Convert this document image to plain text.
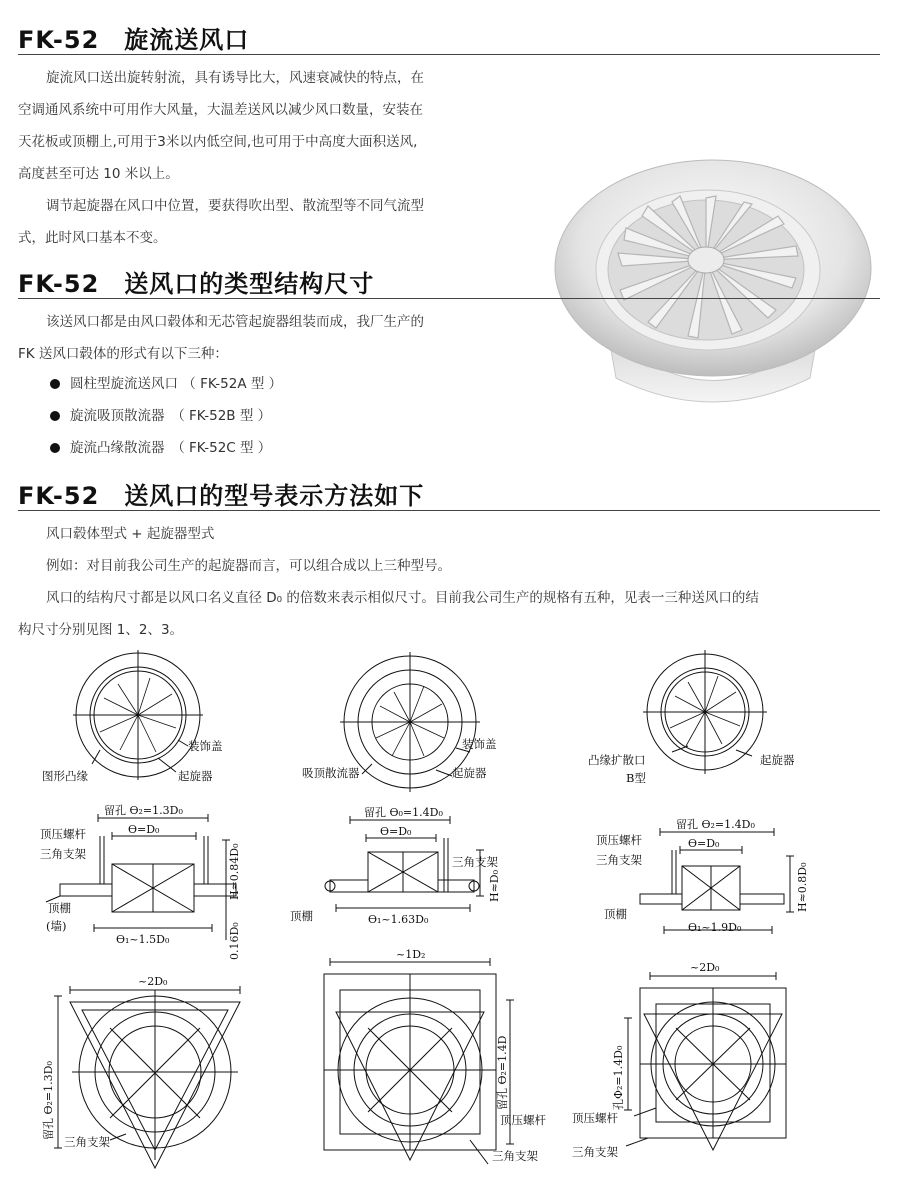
FK-52　旋流送风口
旋流风口送出旋转射流，具有诱导比大，风速衰减快的特点，在
空调通风系统中可用作大风量，大温差送风以减少风口数量，安装在
天花板或顶棚上,可用于3米以内低空间,也可用于中高度大面积送风,
高度甚至可达 10 米以上。
调节起旋器在风口中位置，要获得吹出型、散流型等不同气流型
式，此时风口基本不变。
FK-52　送风口的类型结构尺寸
该送风口都是由风口毂体和无芯管起旋器组装而成，我厂生产的
FK 送风口毂体的形式有以下三种：
圆柱型旋流送风口 （ FK-52A 型 ）
旋流吸顶散流器　（ FK-52B 型 ）
旋流凸缘散流器　（ FK-52C 型 ）
FK-52　送风口的型号表示方法如下
风口毂体型式 + 起旋器型式
例如：对目前我公司生产的起旋器而言，可以组合成以上三种型号。
风口的结构尺寸都是以风口名义直径 D₀ 的倍数来表示相似尺寸。目前我公司生产的规格有五种，见表一三种送风口的结
构尺寸分别见图 1、2、3。
装饰盖
图形凸缘	起旋器
留孔 ϴ₂=1.3D₀
ϴ=D₀
顶压螺杆
三角支架
顶棚
(墙)
ϴ₁~1.5D₀
H≈0.84D₀
0.16D₀
~2D₀
留孔 ϴ₂=1.3D₀
三角支架
装饰盖
吸顶散流器	起旋器
留孔 ϴ₀=1.4D₀
ϴ=D₀
三角支架
顶棚	ϴ₁~1.63D₀
H≈D₀
~1D₂
留孔 ϴ₂=1.4D
顶压螺杆
三角支架
凸缘扩散口
B型
起旋器
留孔 ϴ₂=1.4D₀
ϴ=D₀
顶压螺杆
三角支架
顶棚
ϴ₁~1.9D₀
H≈0.8D₀
~2D₀
孔Φ₂=1.4D₀
顶压螺杆
三角支架
